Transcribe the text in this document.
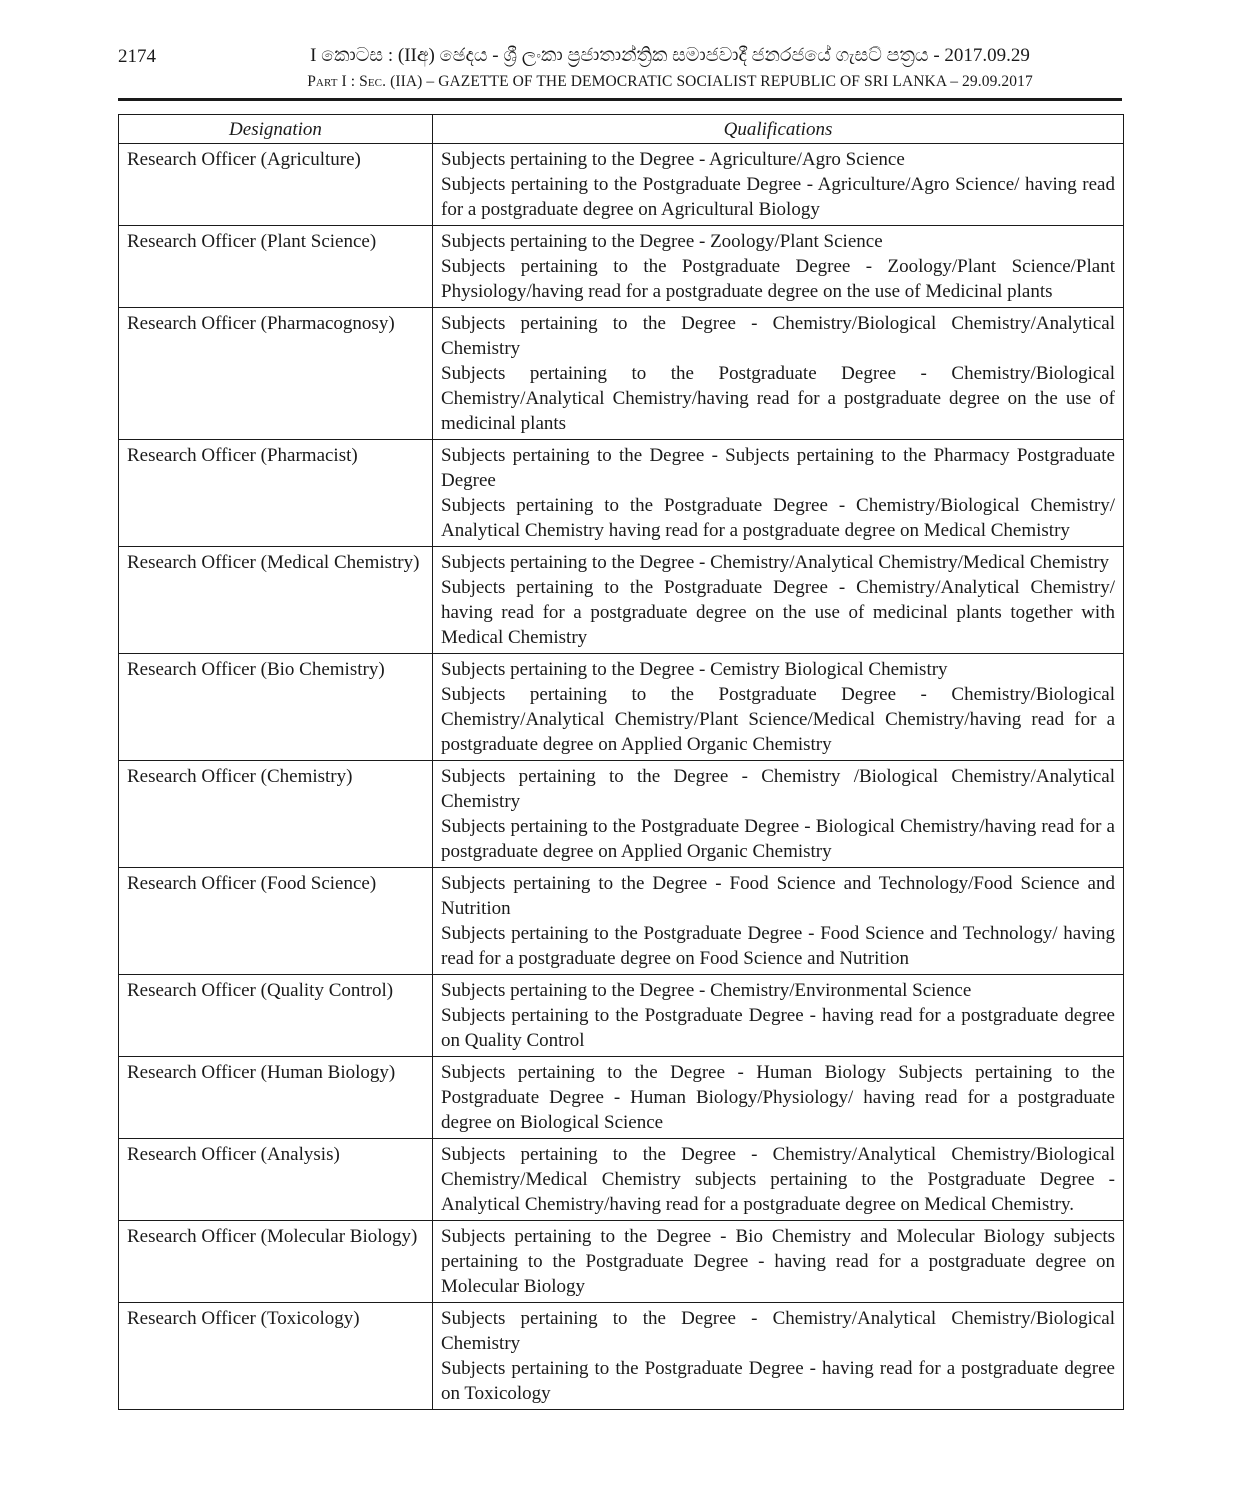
2174	I කොටස : (IIඅ) ඡෙදය - ශ්‍රී ලංකා ප්‍රජාතාන්ත්‍රික සමාජවාදී ජනරජයේ ගැසට් පත්‍රය - 2017.09.29
Part I : Sec. (IIA) – GAZETTE OF THE DEMOCRATIC SOCIALIST REPUBLIC OF SRI LANKA – 29.09.2017
Designation	Qualifications
Research Officer (Agriculture)	Subjects pertaining to the Degree - Agriculture/Agro Science
Subjects pertaining to the Postgraduate Degree - Agriculture/Agro Science/ having read for a postgraduate degree on Agricultural Biology

Research Officer (Plant Science)	Subjects pertaining to the Degree - Zoology/Plant Science
Subjects pertaining to the Postgraduate Degree - Zoology/Plant Science/Plant Physiology/having read for a postgraduate degree on the use of Medicinal plants

Research Officer (Pharmacognosy)	Subjects pertaining to the Degree - Chemistry/Biological Chemistry/Analytical Chemistry
Subjects pertaining to the Postgraduate Degree - Chemistry/Biological Chemistry/Analytical Chemistry/having read for a postgraduate degree on the use of medicinal plants

Research Officer (Pharmacist)	Subjects pertaining to the Degree - Subjects pertaining to the Pharmacy Postgraduate Degree
Subjects pertaining to the Postgraduate Degree - Chemistry/Biological Chemistry/ Analytical Chemistry having read for a postgraduate degree on Medical Chemistry

Research Officer (Medical Chemistry)	Subjects pertaining to the Degree - Chemistry/Analytical Chemistry/Medical Chemistry
Subjects pertaining to the Postgraduate Degree - Chemistry/Analytical Chemistry/ having read for a postgraduate degree on the use of medicinal plants together with Medical Chemistry

Research Officer (Bio Chemistry)	Subjects pertaining to the Degree - Cemistry Biological Chemistry
Subjects pertaining to the Postgraduate Degree - Chemistry/Biological Chemistry/Analytical Chemistry/Plant Science/Medical Chemistry/having read for a postgraduate degree on Applied Organic Chemistry

Research Officer (Chemistry)	Subjects pertaining to the Degree - Chemistry /Biological Chemistry/Analytical Chemistry
Subjects pertaining to the Postgraduate Degree - Biological Chemistry/having read for a postgraduate degree on Applied Organic Chemistry

Research Officer (Food Science)	Subjects pertaining to the Degree - Food Science and Technology/Food Science and Nutrition
Subjects pertaining to the Postgraduate Degree - Food Science and Technology/ having read for a postgraduate degree on Food Science and Nutrition

Research Officer (Quality Control)	Subjects pertaining to the Degree - Chemistry/Environmental Science
Subjects pertaining to the Postgraduate Degree - having read for a postgraduate degree on Quality Control

Research Officer (Human Biology)	Subjects pertaining to the Degree - Human Biology Subjects pertaining to the Postgraduate Degree - Human Biology/Physiology/ having read for a postgraduate degree on Biological Science

Research Officer (Analysis)	Subjects pertaining to the Degree - Chemistry/Analytical Chemistry/Biological Chemistry/Medical Chemistry subjects pertaining to the Postgraduate Degree - Analytical Chemistry/having read for a postgraduate degree on Medical Chemistry.

Research Officer (Molecular Biology)	Subjects pertaining to the Degree - Bio Chemistry and Molecular Biology subjects pertaining to the Postgraduate Degree - having read for a postgraduate degree on Molecular Biology

Research Officer (Toxicology)	Subjects pertaining to the Degree - Chemistry/Analytical Chemistry/Biological Chemistry
Subjects pertaining to the Postgraduate Degree - having read for a postgraduate degree on Toxicology
